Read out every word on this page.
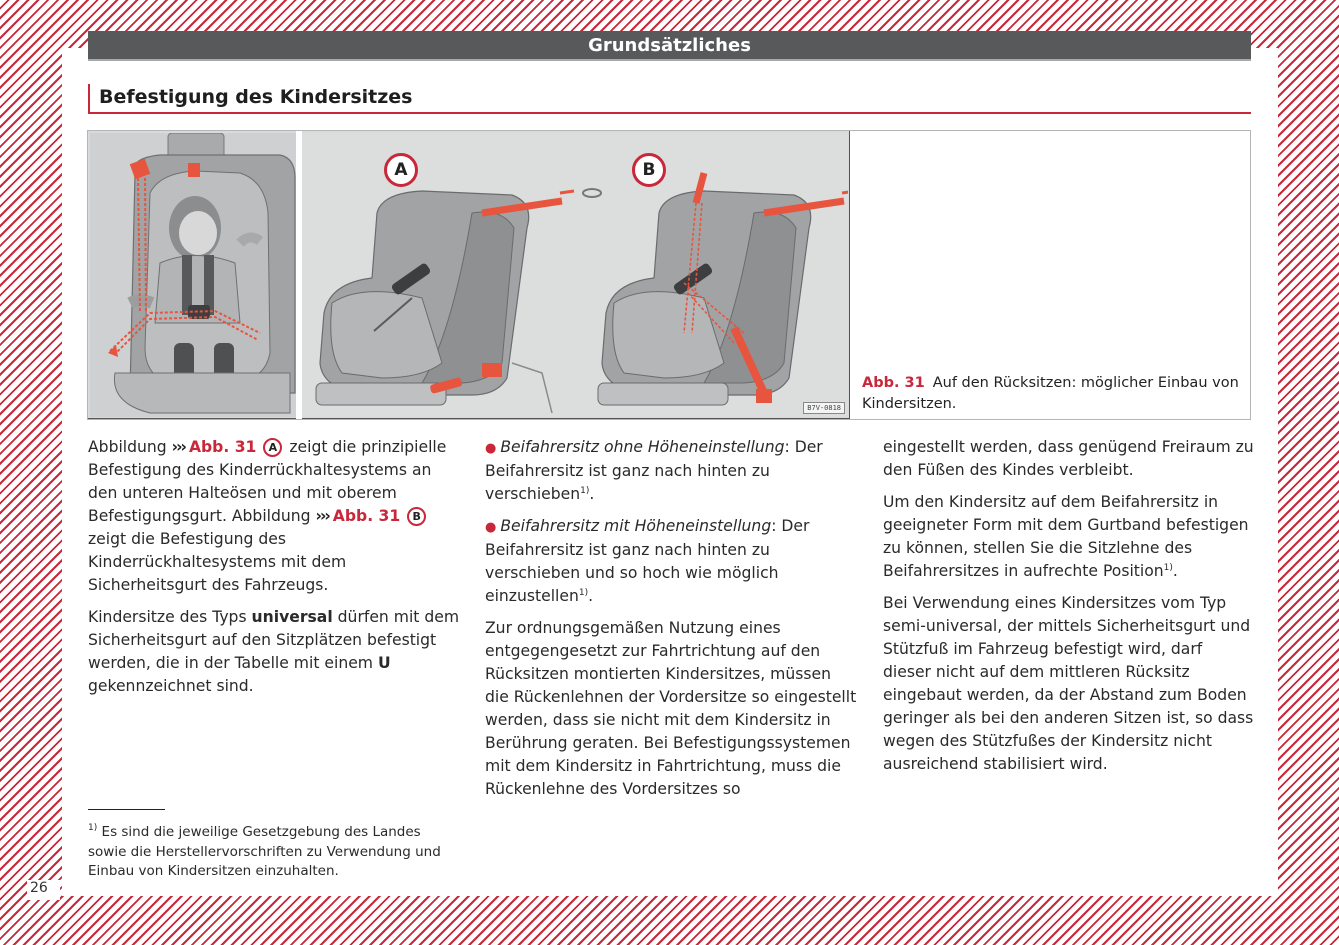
Grundsätzliches
Befestigung des Kindersitzes
A	B
B7V-0818
Abb. 31 Auf den Rücksitzen: möglicher Einbau von Kindersitzen.

Abbildung ››› Abb. 31 A zeigt die prinzipielle Befestigung des Kinderrückhaltesystems an den unteren Halteösen und mit oberem Befestigungsgurt. Abbildung ››› Abb. 31 B zeigt die Befestigung des Kinderrückhaltesystems mit dem Sicherheitsgurt des Fahrzeugs.

Kindersitze des Typs universal dürfen mit dem Sicherheitsgurt auf den Sitzplätzen befestigt werden, die in der Tabelle mit einem U gekennzeichnet sind.

● Beifahrersitz ohne Höheneinstellung: Der Beifahrersitz ist ganz nach hinten zu verschieben$^{1)}$.

● Beifahrersitz mit Höheneinstellung: Der Beifahrersitz ist ganz nach hinten zu verschieben und so hoch wie möglich einzustellen$^{1)}$.

Zur ordnungsgemäßen Nutzung eines entgegengesetzt zur Fahrtrichtung auf den Rücksitzen montierten Kindersitzes, müssen die Rückenlehnen der Vordersitze so eingestellt werden, dass sie nicht mit dem Kindersitz in Berührung geraten. Bei Befestigungssystemen mit dem Kindersitz in Fahrtrichtung, muss die Rückenlehne des Vordersitzes so

eingestellt werden, dass genügend Freiraum zu den Füßen des Kindes verbleibt.

Um den Kindersitz auf dem Beifahrersitz in geeigneter Form mit dem Gurtband befestigen zu können, stellen Sie die Sitzlehne des Beifahrersitzes in aufrechte Position$^{1)}$.

Bei Verwendung eines Kindersitzes vom Typ semi-universal, der mittels Sicherheitsgurt und Stützfuß im Fahrzeug befestigt wird, darf dieser nicht auf dem mittleren Rücksitz eingebaut werden, da der Abstand zum Boden geringer als bei den anderen Sitzen ist, so dass wegen des Stützfußes der Kindersitz nicht ausreichend stabilisiert wird.

$^{1)}$ Es sind die jeweilige Gesetzgebung des Landes sowie die Herstellervorschriften zu Verwendung und Einbau von Kindersitzen einzuhalten.
26
